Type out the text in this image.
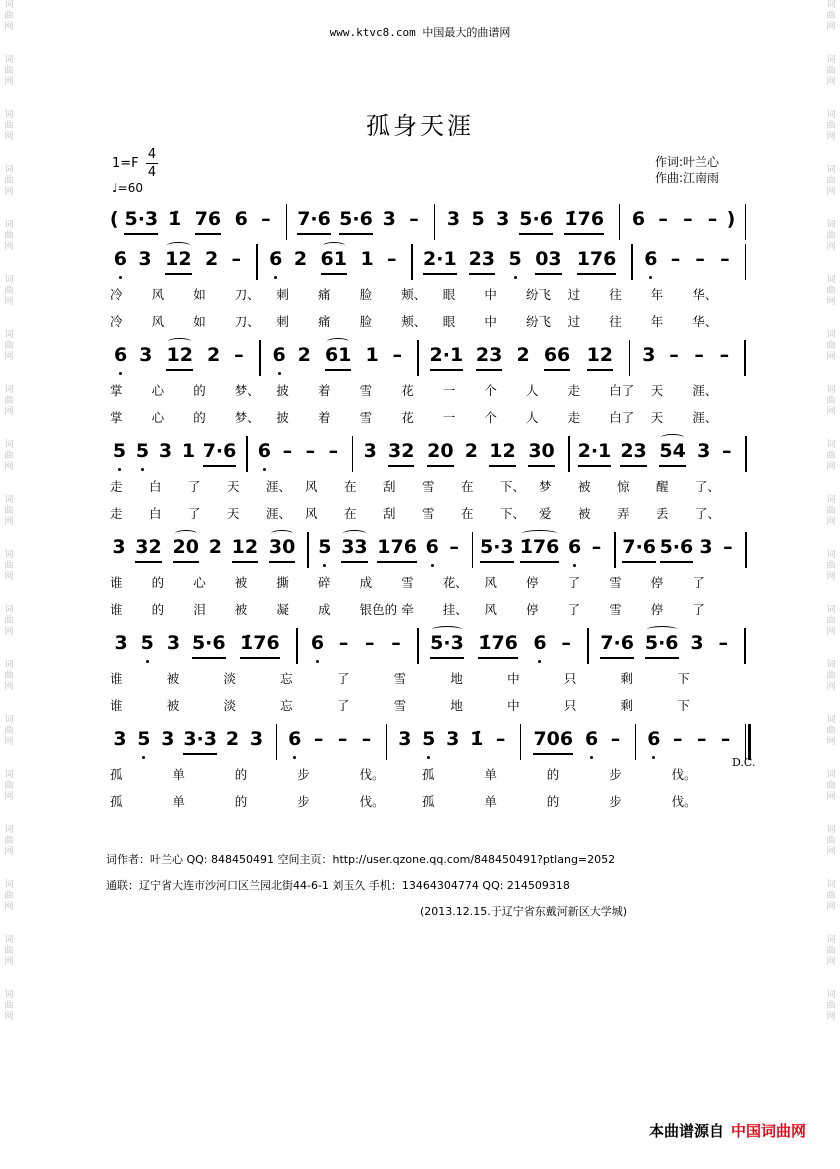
词曲网
词曲网
词曲网
词曲网
词曲网
词曲网
词曲网
词曲网
词曲网
词曲网
词曲网
词曲网
词曲网
词曲网
词曲网
词曲网
词曲网
词曲网
词曲网
词曲网
词曲网
词曲网
词曲网
词曲网
词曲网
词曲网
词曲网
词曲网
词曲网
词曲网
词曲网
词曲网
词曲网
词曲网
词曲网
词曲网
词曲网
词曲网
www.ktvc8.com 中国最大的曲谱网
孤身天涯
1=F
4
4
♩=60
作词:叶兰心
作曲:江南雨
( 5·3 1̇ 76 6 – 7·6 5·6 3 – 3 5 3 5·6 1̇76 6 – – – )
6 3 12 2 – 6 2 61 1 – 2·1 23 5 03 176 6 – – –
冷 风 如 刀、 刺 痛 脸 颊、 眼 中 纷飞 过 往 年 华、
冷 风 如 刀、 刺 痛 脸 颊、 眼 中 纷飞 过 往 年 华、
6 3 12 2 – 6 2 61 1 – 2·1 23 2 66 12 3 – – –
掌 心 的 梦、 披 着 雪 花 一 个 人 走 白了 天 涯、
掌 心 的 梦、 披 着 雪 花 一 个 人 走 白了 天 涯、
5 5 3 1 7·6 6 – – – 3 32 20 2 12 30 2·1 23 54 3 –
走 白 了 天 涯、 风 在 刮 雪 在 下、 梦 被 惊 醒 了、
走 白 了 天 涯、 风 在 刮 雪 在 下、 爱 被 弄 丢 了、
3 32 20 2 12 30 5 33 176 6 – 5·3 1̇76 6 – 7·6 5·6 3 –
谁 的 心 被 撕 碎 成 雪 花、 风 停 了 雪 停 了
谁 的 泪 被 凝 成 银色的 牵 挂、 风 停 了 雪 停 了
3 5 3 5·6 1̇76 6 – – – 5·3 1̇76 6 – 7·6 5·6 3 –
谁	被	淡	忘	了	雪	地	中	只	剩	下
谁	被	淡	忘	了	雪	地	中	只	剩	下
3 5 3 3·3 2 3 6 – – – 3 5 3 1̇ – 706 6 – 6 – – –
孤	单	的	步	伐。	孤	单	的	步	伐。
孤	单	的	步	伐。	孤	单	的	步	伐。
D.C.
词作者：叶兰心 QQ: 848450491 空间主页：http://user.qzone.qq.com/848450491?ptlang=2052
通联：辽宁省大连市沙河口区兰园北街44-6-1 刘玉久 手机：13464304774 QQ: 214509318
(2013.12.15.于辽宁省东戴河新区大学城)
本曲谱源自 中国词曲网
